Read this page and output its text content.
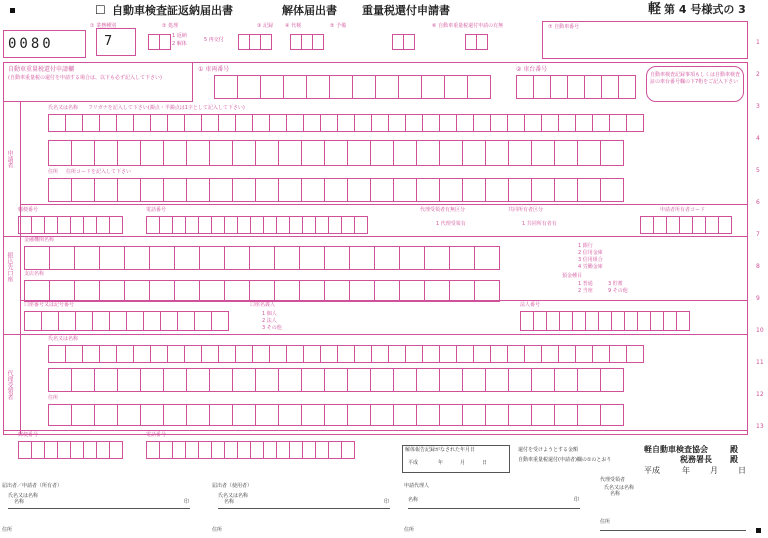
☐ 自動車検査証返納届出書	解体届出書 重量税還付申請書	軽 第 4 号様式の 3
0080	7
① 業務種別	② 処理	③ 記録 ④ 代検	⑤ 予備	⑥ 自動車重量税還付申請の有無	⑦ 自動車番号
1 返納
2 解体
5 再交付
自動車重量税還付申請欄
(自動車重量税の還付を申請する場合は、以下も必ず記入して下さい)
① 車両番号	② 車台番号
自動車検査記録事項もしくは自動車検査証の車台番号欄の下7桁をご記入下さい
申請者
氏名又は名称 フリガナを記入して下さい(濁点・半濁点は1字として記入して下さい)
住所 住所コードを記入して下さい
郵便番号	電話番号	代理受領者有無区分
1 代理受領有
共同所有者区分
1 共同所有者有
申請者所有者コード
振込先口座
金融機関名称
支店名称
1 銀行
2 信用金庫
3 信用組合
4 労働金庫
預金種目
1 普通
2 当座
3 貯蓄
9 その他
口座番号又は記号番号	口座名義人
1 個人
2 法人
3 その他
法人番号
代理受領者
氏名又は名称
住所
郵便番号	電話番号
解体報告記録がなされた年月日
平成	年	月	日
還付を受けようとする金額
自動車重量税還付(申請者)欄の①のとおり
軽自動車検査協会	殿
税務署長 殿
平成	年	月	日
届出者／申請者（所有者）
氏名又は名称
名称	印
住所
届出者（使用者）
氏名又は名称
名称	印
住所
申請代理人
名称	印
住所
代理受領者
氏名又は名称
名称
住所
1
2
3
4
5
6
7
8
9
10
11
12
13
